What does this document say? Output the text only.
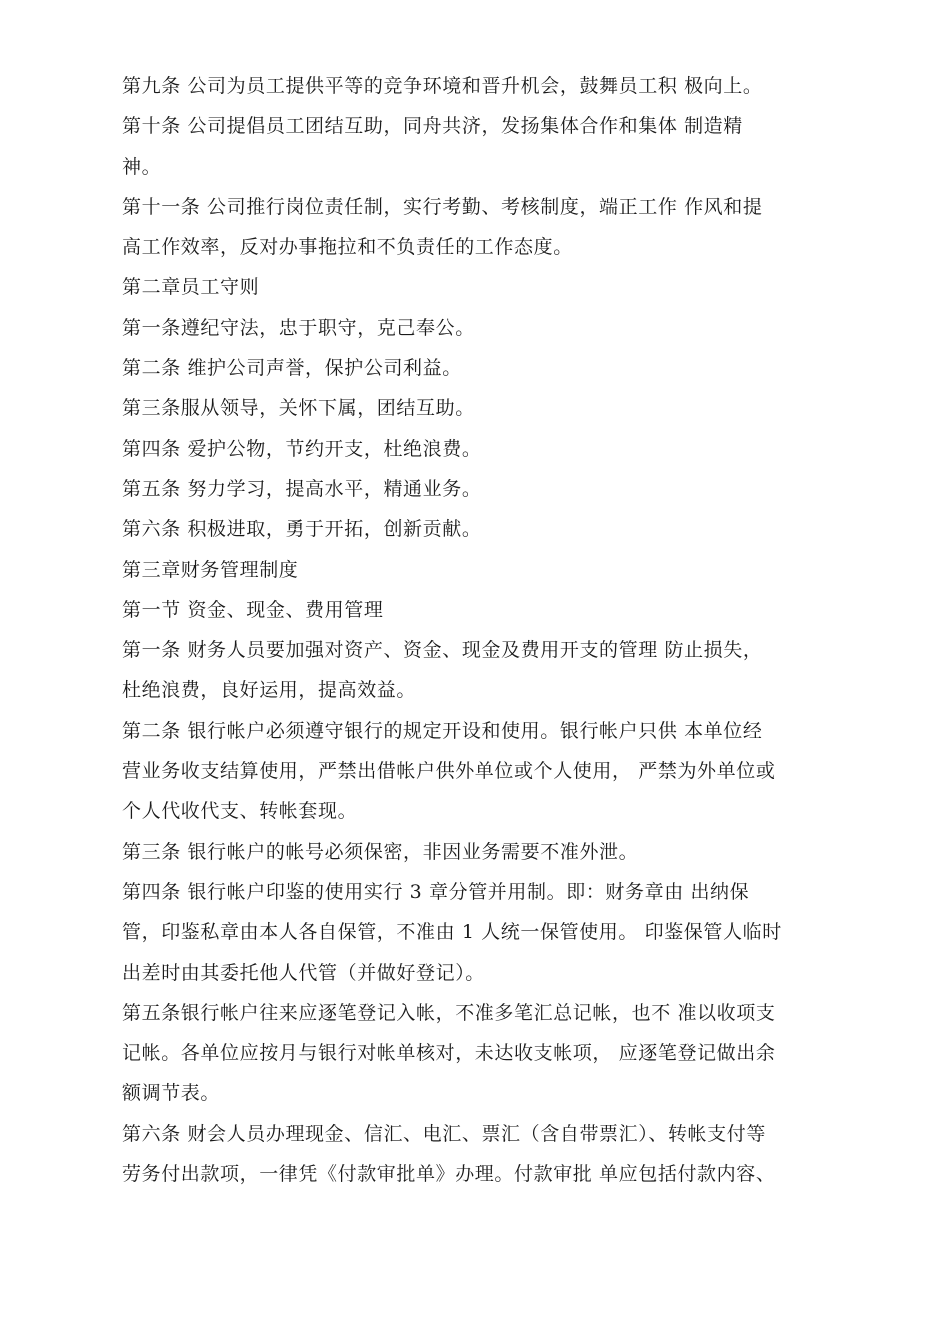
第九条 公司为员工提供平等的竞争环境和晋升机会，鼓舞员工积 极向上。
第十条 公司提倡员工团结互助，同舟共济，发扬集体合作和集体 制造精
神。
第十一条 公司推行岗位责任制，实行考勤、考核制度，端正工作 作风和提
高工作效率，反对办事拖拉和不负责任的工作态度。
第二章员工守则
第一条遵纪守法，忠于职守，克己奉公。
第二条 维护公司声誉，保护公司利益。
第三条服从领导，关怀下属，团结互助。
第四条 爱护公物，节约开支，杜绝浪费。
第五条 努力学习，提高水平，精通业务。
第六条 积极进取，勇于开拓，创新贡献。
第三章财务管理制度
第一节 资金、现金、费用管理
第一条 财务人员要加强对资产、资金、现金及费用开支的管理 防止损失，
杜绝浪费，良好运用，提高效益。
第二条 银行帐户必须遵守银行的规定开设和使用。银行帐户只供 本单位经
营业务收支结算使用，严禁出借帐户供外单位或个人使用， 严禁为外单位或
个人代收代支、转帐套现。
第三条 银行帐户的帐号必须保密，非因业务需要不准外泄。
第四条 银行帐户印鉴的使用实行 3 章分管并用制。即：财务章由 出纳保
管，印鉴私章由本人各自保管，不准由 1 人统一保管使用。 印鉴保管人临时
出差时由其委托他人代管（并做好登记）。
第五条银行帐户往来应逐笔登记入帐，不准多笔汇总记帐，也不 准以收项支
记帐。各单位应按月与银行对帐单核对，未达收支帐项， 应逐笔登记做出余
额调节表。
第六条 财会人员办理现金、信汇、电汇、票汇（含自带票汇）、转帐支付等
劳务付出款项，一律凭《付款审批单》办理。付款审批 单应包括付款内容、
